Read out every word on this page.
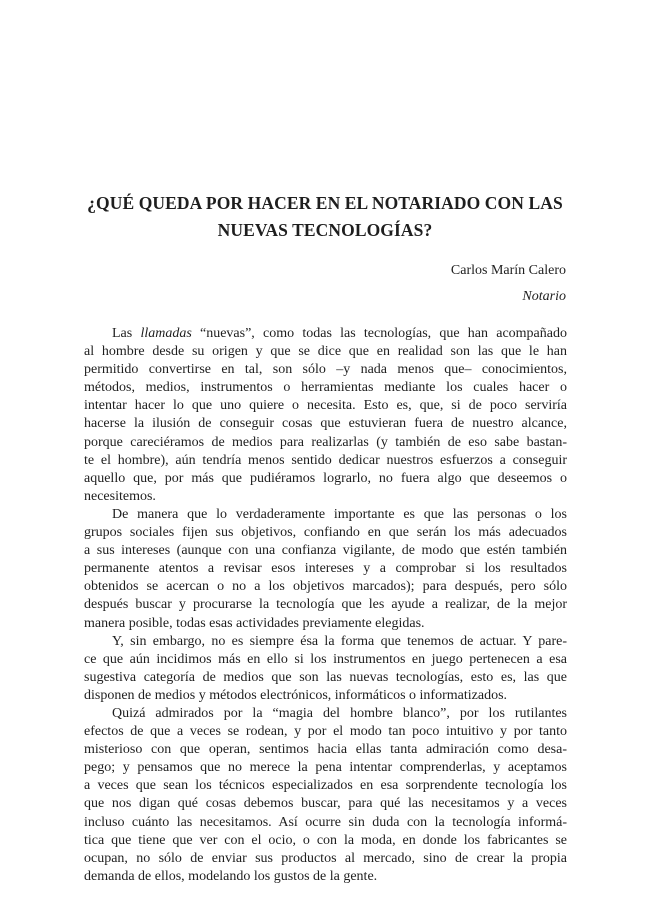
¿QUÉ QUEDA POR HACER EN EL NOTARIADO CON LAS
NUEVAS TECNOLOGÍAS?
Carlos Marín Calero
Notario

Las llamadas “nuevas”, como todas las tecnologías, que han acompañado
al hombre desde su origen y que se dice que en realidad son las que le han
permitido convertirse en tal, son sólo –y nada menos que– conocimientos,
métodos, medios, instrumentos o herramientas mediante los cuales hacer o
intentar hacer lo que uno quiere o necesita. Esto es, que, si de poco serviría
hacerse la ilusión de conseguir cosas que estuvieran fuera de nuestro alcance,
porque careciéramos de medios para realizarlas (y también de eso sabe bastan-
te el hombre), aún tendría menos sentido dedicar nuestros esfuerzos a conseguir
aquello que, por más que pudiéramos lograrlo, no fuera algo que deseemos o
necesitemos.

De manera que lo verdaderamente importante es que las personas o los
grupos sociales fijen sus objetivos, confiando en que serán los más adecuados
a sus intereses (aunque con una confianza vigilante, de modo que estén también
permanente atentos a revisar esos intereses y a comprobar si los resultados
obtenidos se acercan o no a los objetivos marcados); para después, pero sólo
después buscar y procurarse la tecnología que les ayude a realizar, de la mejor
manera posible, todas esas actividades previamente elegidas.

Y, sin embargo, no es siempre ésa la forma que tenemos de actuar. Y pare-
ce que aún incidimos más en ello si los instrumentos en juego pertenecen a esa
sugestiva categoría de medios que son las nuevas tecnologías, esto es, las que
disponen de medios y métodos electrónicos, informáticos o informatizados.

Quizá admirados por la “magia del hombre blanco”, por los rutilantes
efectos de que a veces se rodean, y por el modo tan poco intuitivo y por tanto
misterioso con que operan, sentimos hacia ellas tanta admiración como desa-
pego; y pensamos que no merece la pena intentar comprenderlas, y aceptamos
a veces que sean los técnicos especializados en esa sorprendente tecnología los
que nos digan qué cosas debemos buscar, para qué las necesitamos y a veces
incluso cuánto las necesitamos. Así ocurre sin duda con la tecnología informá-
tica que tiene que ver con el ocio, o con la moda, en donde los fabricantes se
ocupan, no sólo de enviar sus productos al mercado, sino de crear la propia
demanda de ellos, modelando los gustos de la gente.
